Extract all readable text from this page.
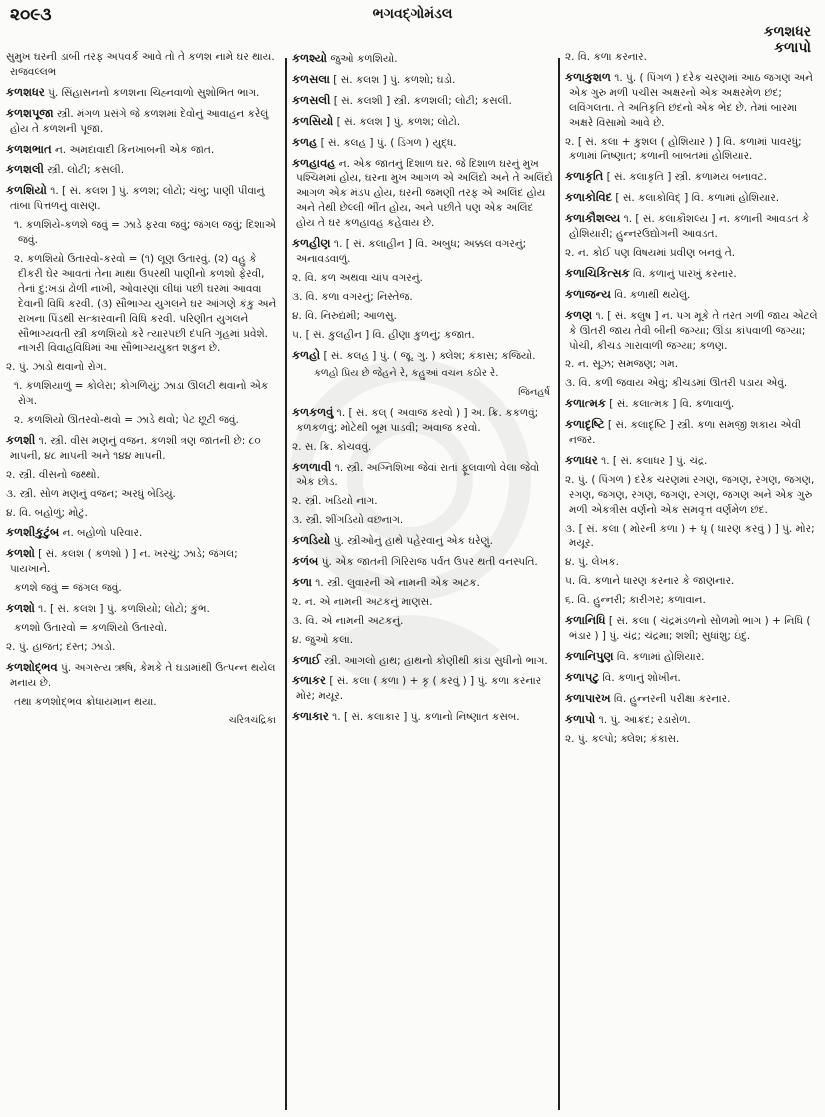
૨૦૯૩	ભગવદ્ગોમંડલ
કળશધર
કળાપો
સુમુખ ઘરની ડાબી તરફ અપવર્ક આવે તો તે કળશ નામે ઘર થાય. રાજવલ્લભ
કળશધર પું. સિંહાસનનો કળશના ચિહ્નવાળો સુશોભિત ભાગ.
કળશપૂજા સ્ત્રી. મંગળ પ્રસંગે જે કળશમાં દેવોનું આવાહન કરેલું હોય તે કળશની પૂજા.
કળશભાત ન. અમદાવાદી કિનખાબની એક જાત.
કળશલી સ્ત્રી. લોટી; કસલી.
કળશિયો ૧. [ સં. કલશ ] પું. કળશ; લોટો; ચંબુ; પાણી પીવાનું તાંબા પિત્તળનું વાસણ.
૧. કળશિયે-કળશે જવું = ઝાડે ફરવા જવું; જંગલ જવું; દિશાએ જવું.
૨. કળશિયો ઉતારવો-કરવો = (૧) લૂણ ઉતારવું. (૨) વહુ કે દીકરી ઘેર આવતાં તેના માથા ઉપરથી પાણીનો કળશો ફેરવી, તેનાં દુ:ખડાં ઢોળી નાખી, ઓવારણાં લીધાં પછી ઘરમાં આવવા દેવાની વિધિ કરવી. (૩) સૌભાગ્ય યુગલને ઘર આંગણે કંકુ અને રાખના પિંડથી સત્કારવાની વિધિ કરવી. પરિણીત યુગલને સૌભાગ્યવતી સ્ત્રી કળશિયો કરે ત્યારપછી દંપતિ ગૃહમાં પ્રવેશે. નાગરી વિવાહવિધિમાં આ સૌભાગ્યયુક્ત શકુન છે.
૨. પું. ઝાડો થવાનો રોગ.
૧. કળશિયાળું = કોલેરા; કોગળિયું; ઝાડા ઊલટી થવાનો એક રોગ.
૨. કળશિયો ઊતરવો-થવો = ઝાડે થવો; પેટ છૂટી જવું.
કળશી ૧. સ્ત્રી. વીસ મણનું વજન. કળશી ત્રણ જાતની છે: ૮૦ માપની, ૪૮ માપની અને ૧૪૪ માપની.
૨. સ્ત્રી. વીસનો જથ્થો.
૩. સ્ત્રી. સોળ મણનું વજન; અરધું બેડિયું.
૪. વિ. બહોળું; મોટું.
કળશીકુટુંબ ન. બહોળો પરિવાર.
કળશો [ સં. કલશ ( કળશો ) ] ન. ખરચું; ઝાડે; જંગલ; પાયખાને.
કળશે જવું = જંગલ જવું.
કળશો ૧. [ સં. કલશ ] પું. કળશિયો; લોટો; કુંભ.
કળશો ઉતારવો = કળશિયો ઉતારવો.
૨. પું. હાજત; દસ્ત; ઝાડો.
કળશોદ્ભવ પું. અગસ્ત્ય ઋષિ, કેમકે તે ઘડામાંથી ઉત્પન્ન થયેલ મનાય છે.
તથા કળશોદ્ભવ ક્રોધાયમાન થયા.
ચરિત્રચંદ્રિકા
કળશ્યો જુઓ કળશિયો.
કળસલા [ સં. કલશ ] પું. કળશો; ઘડો.
કળસલી [ સં. કલશી ] સ્ત્રી. કળશલી; લોટી; કસલી.
કળસિયો [ સં. કલશ ] પું. કળશ; લોટો.
કળહ [ સં. કલહ ] પું. ( ડિંગળ ) યુદ્ધ.
કળહાવહ ન. એક જાતનું દિશાળ ઘર. જે દિશાળ ઘરનું મુખ પશ્ચિમમાં હોય, ઘરના મુખ આગળ એ અલિંદો અને તે અલિંદો આગળ એક મંડપ હોય, ઘરની જમણી તરફ એ અલિંદ હોય અને તેથી છેલ્લી ભીંત હોય, અને પછીતે પણ એક અલિંદ હોય તે ઘર કળહાવહ કહેવાય છે.
કળહીણ ૧. [ સં. કલાહીન ] વિ. અબુધ; અક્કલ વગરનું; અનાવડવાળું.
૨. વિ. કળ અથવા ચાંપ વગરનું.
૩. વિ. કળા વગરનું; નિસ્તેજ.
૪. વિ. નિરુદ્યમી; આળસુ.
૫. [ સં. કુલહીન ] વિ. હીણા કુળનું; કજાત.
કળહો [ સં. કલહ ] પું. ( જૂ. ગુ. ) ક્લેશ; કંકાસ; કજિયો.
કળહો પ્રિય છે જેહને રે, કહુઆં વચન કઠોર રે.
જિનહર્ષ
કળકળવું ૧. [ સં. કલ્ ( અવાજ કરવો ) ] અ. ક્રિ. કકળવું; કળકળવું; મોટેથી બૂમ પાડવી; અવાજ કરવો.
૨. સ. ક્રિ. કોચવવું.
કળળાવી ૧. સ્ત્રી. અગ્નિશિખા જેવાં રાતાં ફૂલવાળો વેલા જેવો એક છોડ.
૨. સ્ત્રી. ખડિયો નાગ.
૩. સ્ત્રી. શીંગડિયો વછનાગ.
કળડિયો પું. સ્ત્રીઓનું હાથે પહેરવાનું એક ઘરેણું.
કળંબ પું. એક જાતની ગિરિરાજ પર્વત ઉપર થતી વનસ્પતિ.
કળા ૧. સ્ત્રી. લુવારની એ નામની એક અટક.
૨. ન. એ નામની અટકનું માણસ.
૩. વિ. એ નામની અટકનું.
૪. જુઓ કલા.
કળાઈ સ્ત્રી. આગલો હાથ; હાથનો કોણીથી કાંડા સુધીનો ભાગ.
કળાકર [ સં. કલા ( કળા ) + કૃ ( કરવું ) ] પું. કળા કરનાર મોર; મયૂર.
કળાકાર ૧. [ સં. કલાકાર ] પું. કળાનો નિષ્ણાત કસબ.
૨. વિ. કળા કરનાર.
કળાકુશળ ૧. પું. ( પિંગળ ) દરેક ચરણમાં આઠ જગણ અને એક ગુરુ મળી પચીસ અક્ષરનો એક અક્ષરમેળ છંદ; લવિંગલતા. તે અતિકૃતિ છંદનો એક ભેદ છે. તેમાં બારમા અક્ષરે વિસામો આવે છે.
૨. [ સં. કલા + કુશલ ( હોશિયાર ) ] વિ. કળામાં પાવરધું; કળામાં નિષ્ણાત; કળાની બાબતમાં હોશિયાર.
કળાકૃતિ [ સં. કલાકૃતિ ] સ્ત્રી. કળામય બનાવટ.
કળાકોવિદ [ સં. કલાકોવિદ્ ] વિ. કળામાં હોશિયાર.
કળાકૌશલ્ય ૧. [ સં. કલાકૌશલ્ય ] ન. કળાની આવડત કે હોશિયારી; હુન્નરઉદ્યોગની આવડત.
૨. ન. કોઈ પણ વિષયમાં પ્રવીણ બનવું તે.
કળાચિકિત્સક વિ. કળાનું પારખું કરનાર.
કળાજન્ય વિ. કળાથી થયેલું.
કળણ ૧. [ સં. કલુષ ] ન. પગ મૂકે તે તરત ગળી જાય એટલે કે ઊતરી જાય તેવી બીની જગ્યા; ઊંડા કાંપવાળી જગ્યા; પોચી, કીચડ ગારાવાળી જગ્યા; કળણ.
૨. ન. સૂઝ; સમજણ; ગમ.
૩. વિ. કળી જવાય એવું; કીચડમાં ઊતરી પડાય એવું.
કળાત્મક [ સં. કલાત્મક ] વિ. કળાવાળું.
કળાદૃષ્ટિ [ સં. કલાદૃષ્ટિ ] સ્ત્રી. કળા સમજી શકાય એવી નજર.
કળાધર ૧. [ સં. કલાધર ] પું. ચંદ્ર.
૨. પું. ( પિંગળ ) દરેક ચરણમાં રગણ, જગણ, રગણ, જગણ, રગણ, જગણ, રગણ, જગણ, રગણ, જગણ અને એક ગુરુ મળી એકત્રીસ વર્ણનો એક સમવૃત્ત વર્ણમેળ છંદ.
૩. [ સં. કલા ( મોરની કળા ) + ધૃ ( ધારણ કરવું ) ] પું. મોર; મયૂર.
૪. પું. લેખક.
૫. વિ. કળાને ધારણ કરનાર કે જાણનાર.
૬. વિ. હુન્નરી; કારીગર; કળાવાન.
કળાનિધિ [ સં. કલા ( ચંદ્રમંડળનો સોળમો ભાગ ) + નિધિ ( ભંડાર ) ] પું. ચંદ્ર; ચંદ્રમા; શશી; સુધાંશુ; ઇંદુ.
કળાનિપુણ વિ. કળામાં હોશિયાર.
કળાપટુ વિ. કળાનું શોખીન.
કળાપારખ વિ. હુન્નરની પરીક્ષા કરનાર.
કળાપો ૧. પું. આક્રંદ; રડારોળ.
૨. પું. કલ્પો; ક્લેશ; કંકાસ.
